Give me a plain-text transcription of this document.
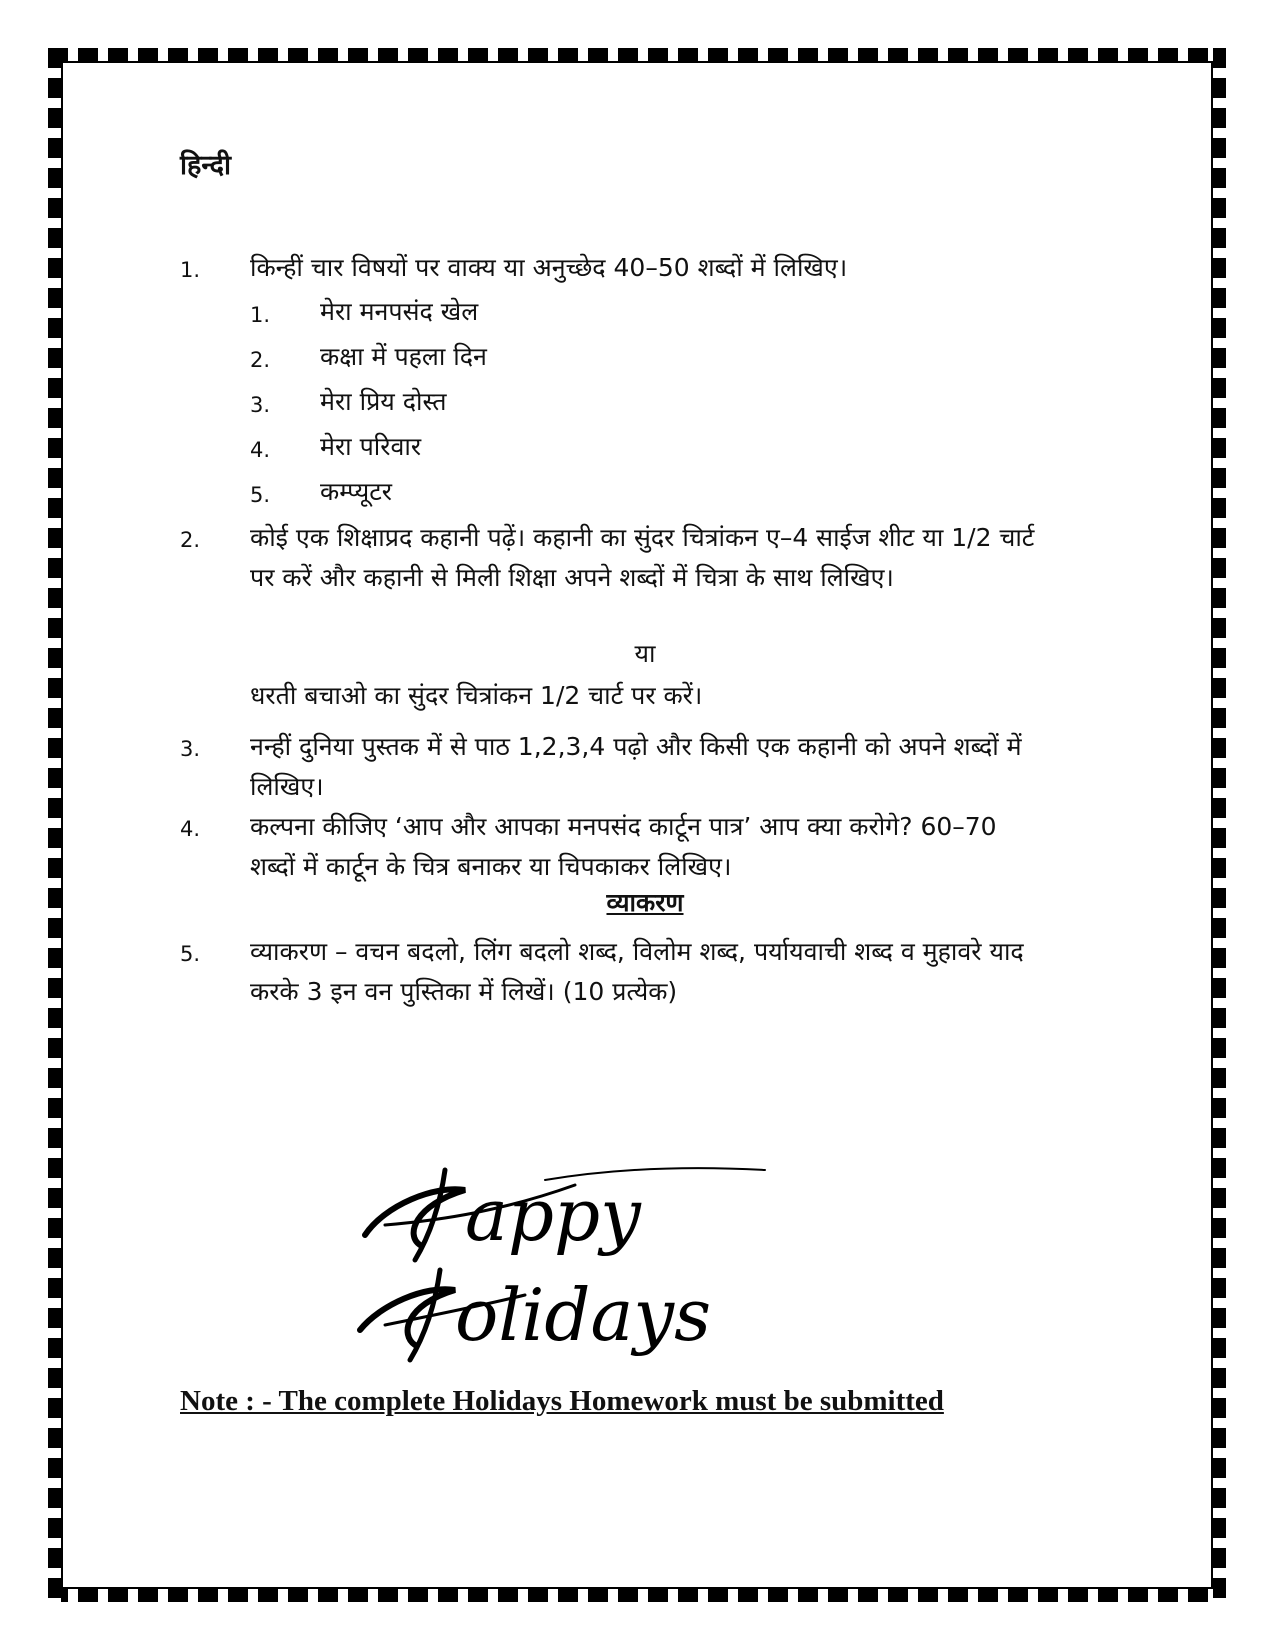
हिन्दी
1. किन्हीं चार विषयों पर वाक्य या अनुच्छेद 40–50 शब्दों में लिखिए।
1. मेरा मनपसंद खेल
2. कक्षा में पहला दिन
3. मेरा प्रिय दोस्त
4. मेरा परिवार
5. कम्प्यूटर
2. कोई एक शिक्षाप्रद कहानी पढ़ें। कहानी का सुंदर चित्रांकन ए–4 साईज शीट या 1/2 चार्ट पर करें और कहानी से मिली शिक्षा अपने शब्दों में चित्रा के साथ लिखिए।
या
धरती बचाओ का सुंदर चित्रांकन 1/2 चार्ट पर करें।
3. नन्हीं दुनिया पुस्तक में से पाठ 1,2,3,4 पढ़ो और किसी एक कहानी को अपने शब्दों में लिखिए।
4. कल्पना कीजिए ‘आप और आपका मनपसंद कार्टून पात्र’ आप क्या करोगे? 60–70 शब्दों में कार्टून के चित्र बनाकर या चिपकाकर लिखिए।
व्याकरण
5. व्याकरण – वचन बदलो, लिंग बदलो शब्द, विलोम शब्द, पर्यायवाची शब्द व मुहावरे याद करके 3 इन वन पुस्तिका में लिखें। (10 प्रत्येक)
appy
olidays
Note : - The complete Holidays Homework must be submitted
